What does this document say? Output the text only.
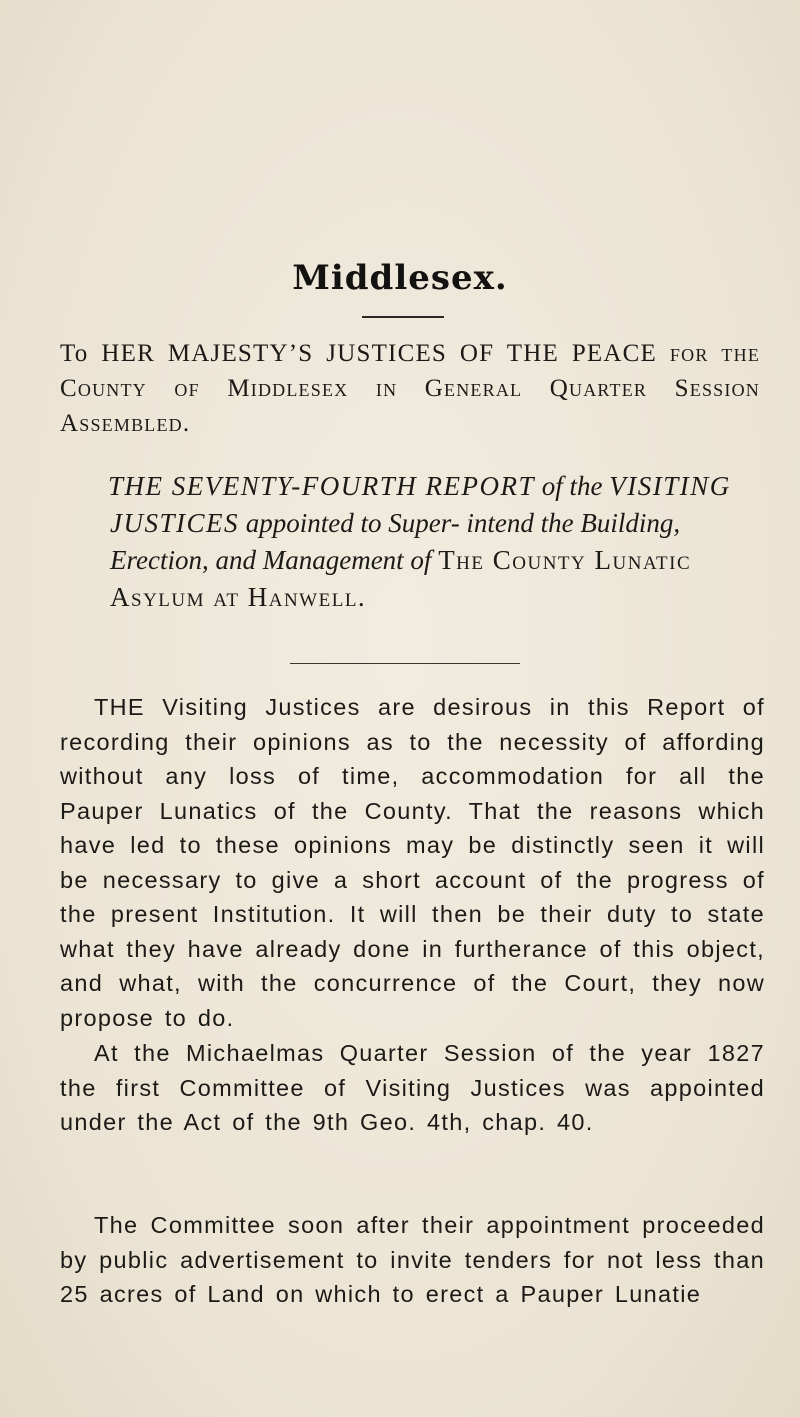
Middlesex.
To HER MAJESTY’S JUSTICES OF THE PEACE for the County of Middlesex in General Quarter Session Assembled.
THE SEVENTY-FOURTH REPORT of the VISITING JUSTICES appointed to Super- intend the Building, Erection, and Management of The County Lunatic Asylum at Hanwell.

THE Visiting Justices are desirous in this Report of recording their opinions as to the necessity of affording without any loss of time, accommodation for all the Pauper Lunatics of the County. That the reasons which have led to these opinions may be distinctly seen it will be necessary to give a short account of the progress of the present Institution. It will then be their duty to state what they have already done in furtherance of this object, and what, with the concurrence of the Court, they now propose to do.

At the Michaelmas Quarter Session of the year 1827 the first Committee of Visiting Justices was appointed under the Act of the 9th Geo. 4th, chap. 40.

The Committee soon after their appointment proceeded by public advertisement to invite tenders for not less than 25 acres of Land on which to erect a Pauper Lunatie
